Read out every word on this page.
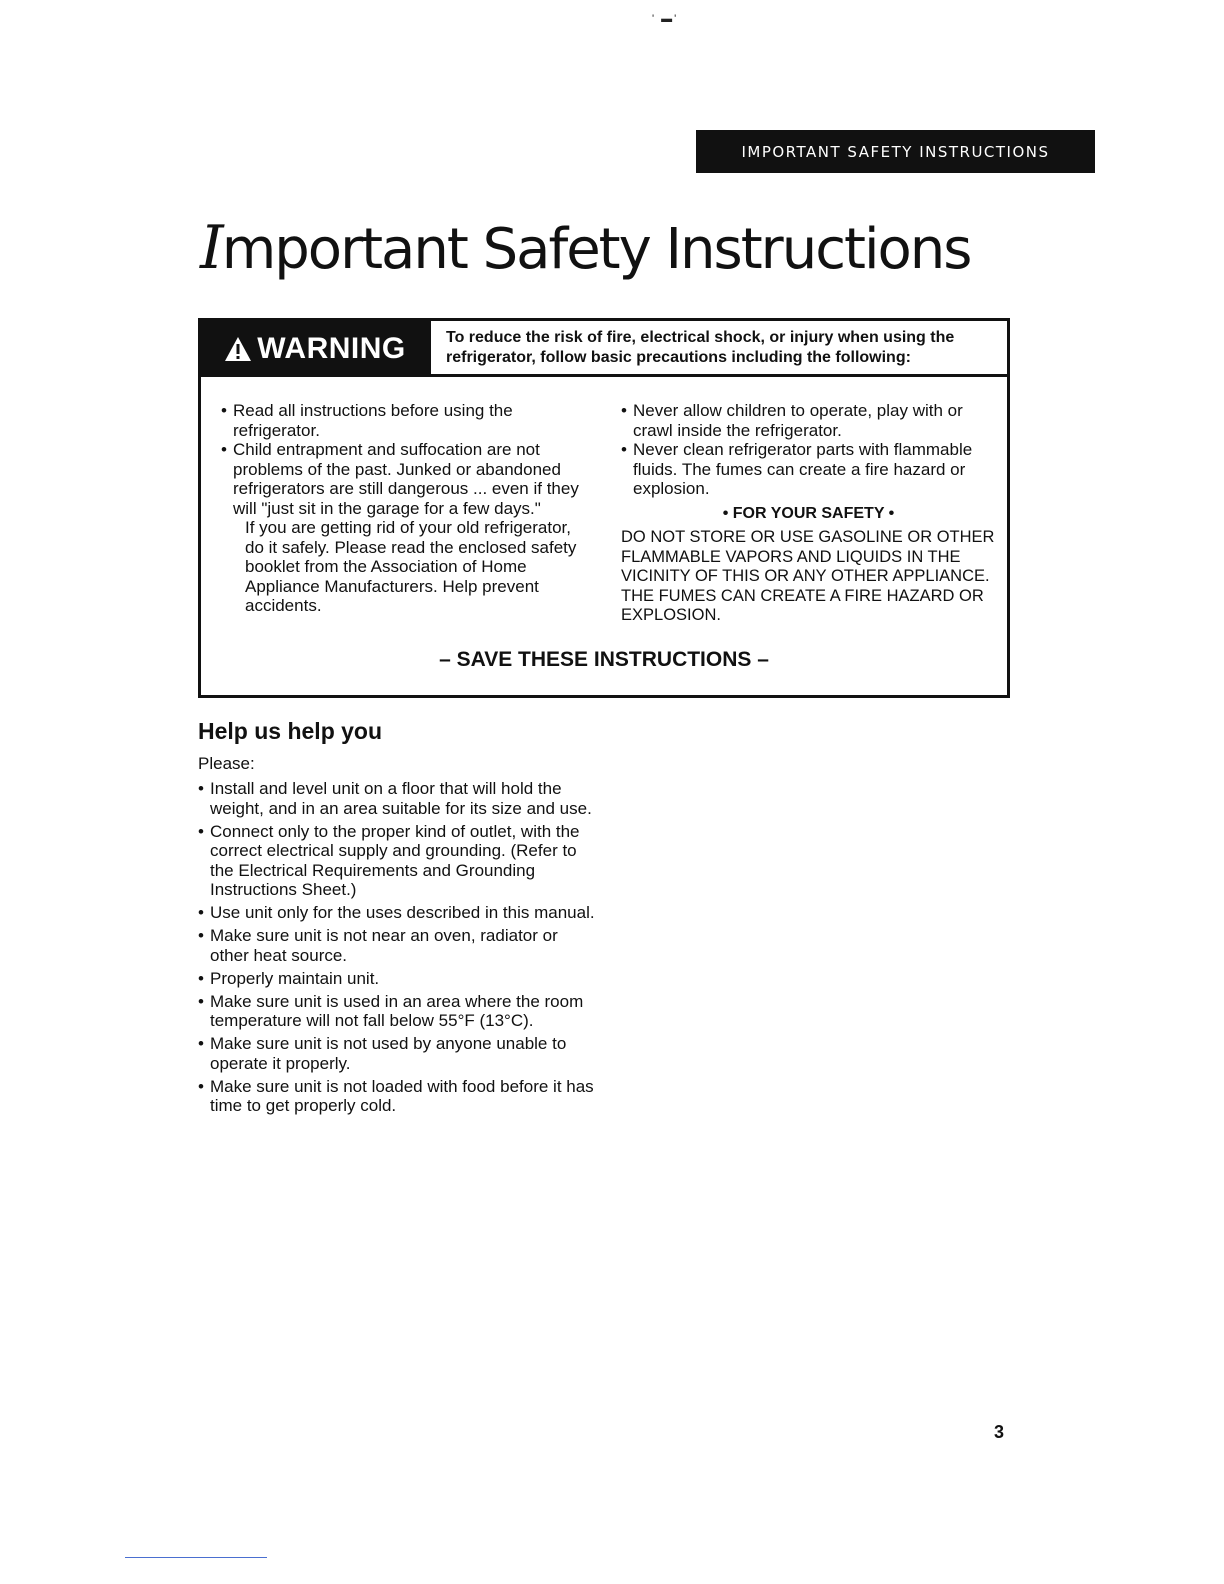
' ▬'
IMPORTANT SAFETY INSTRUCTIONS
Important Safety Instructions
WARNING	To reduce the risk of fire, electrical shock, or injury when using the refrigerator, follow basic precautions including the following:
• Read all instructions before using the refrigerator.
• Child entrapment and suffocation are not problems of the past. Junked or abandoned refrigerators are still dangerous ... even if they will "just sit in the garage for a few days."
If you are getting rid of your old refrigerator, do it safely. Please read the enclosed safety booklet from the Association of Home Appliance Manufacturers. Help prevent accidents.
• Never allow children to operate, play with or crawl inside the refrigerator.
• Never clean refrigerator parts with flammable fluids. The fumes can create a fire hazard or explosion.
• FOR YOUR SAFETY •
DO NOT STORE OR USE GASOLINE OR OTHER FLAMMABLE VAPORS AND LIQUIDS IN THE VICINITY OF THIS OR ANY OTHER APPLIANCE. THE FUMES CAN CREATE A FIRE HAZARD OR EXPLOSION.
– SAVE THESE INSTRUCTIONS –
Help us help you
Please:
• Install and level unit on a floor that will hold the weight, and in an area suitable for its size and use.
• Connect only to the proper kind of outlet, with the correct electrical supply and grounding. (Refer to the Electrical Requirements and Grounding Instructions Sheet.)
• Use unit only for the uses described in this manual.
• Make sure unit is not near an oven, radiator or other heat source.
• Properly maintain unit.
• Make sure unit is used in an area where the room temperature will not fall below 55°F (13°C).
• Make sure unit is not used by anyone unable to operate it properly.
• Make sure unit is not loaded with food before it has time to get properly cold.
3
